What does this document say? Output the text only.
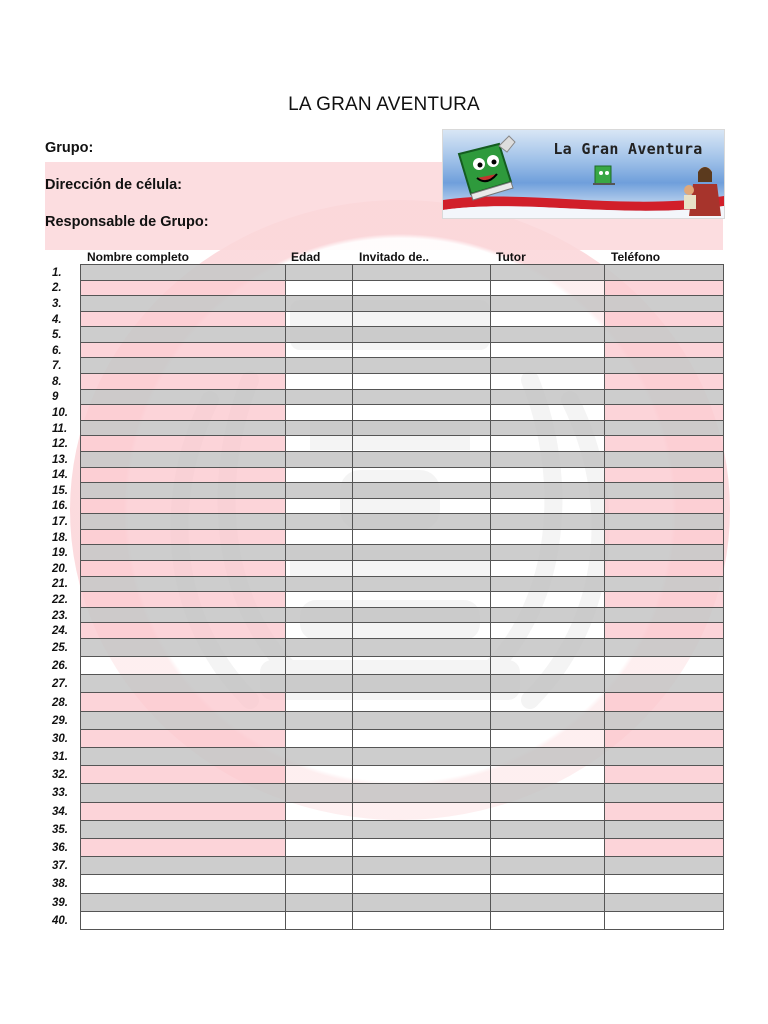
LA GRAN AVENTURA
Grupo:
Dirección de célula:
Responsable de Grupo:
La Gran Aventura
Nombre completo	Edad	Invitado de..	Tutor	Teléfono
1.
2.
3.
4.
5.
6.
7.
8.
9
10.
11.
12.
13.
14.
15.
16.
17.
18.
19.
20.
21.
22.
23.
24.
25.
26.
27.
28.
29.
30.
31.
32.
33.
34.
35.
36.
37.
38.
39.
40.
